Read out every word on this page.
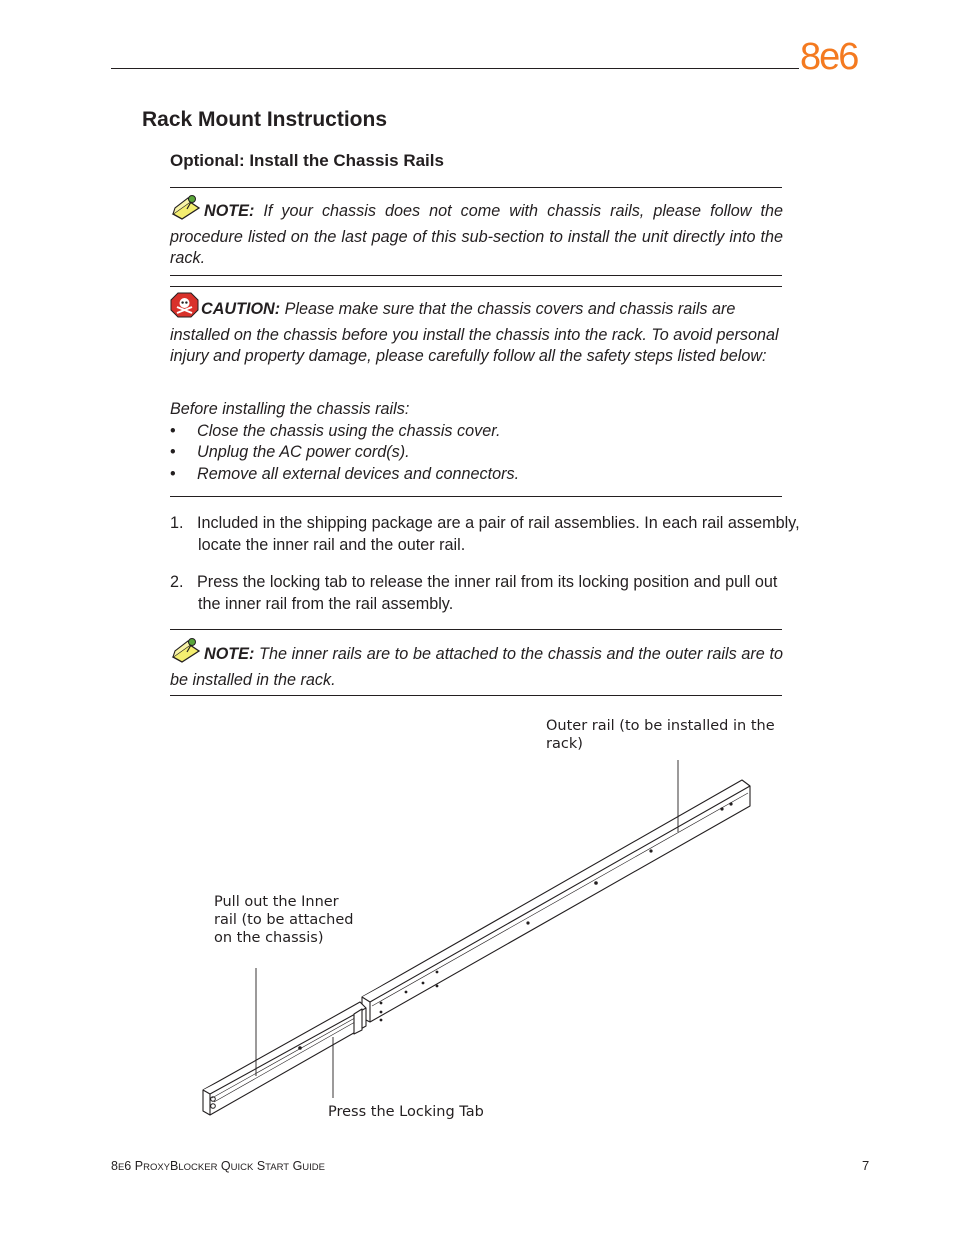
8e6
Rack Mount Instructions
Optional: Install the Chassis Rails
NOTE: If your chassis does not come with chassis rails, please follow the procedure listed on the last page of this sub-section to install the unit directly into the rack.
CAUTION: Please make sure that the chassis covers and chassis rails are installed on the chassis before you install the chassis into the rack. To avoid personal injury and property damage, please carefully follow all the safety steps listed below:
Before installing the chassis rails:
• Close the chassis using the chassis cover.
• Unplug the AC power cord(s).
• Remove all external devices and connectors.
1. Included in the shipping package are a pair of rail assemblies. In each rail assembly,
locate the inner rail and the outer rail.
2. Press the locking tab to release the inner rail from its locking position and pull out
the inner rail from the rail assembly.
NOTE: The inner rails are to be attached to the chassis and the outer rails are to be installed in the rack.
Outer rail (to be installed in the
rack)
Pull out the Inner
rail (to be attached
on the chassis)
Press the Locking Tab
8E6 PROXYBLOCKER QUICK START GUIDE	7
